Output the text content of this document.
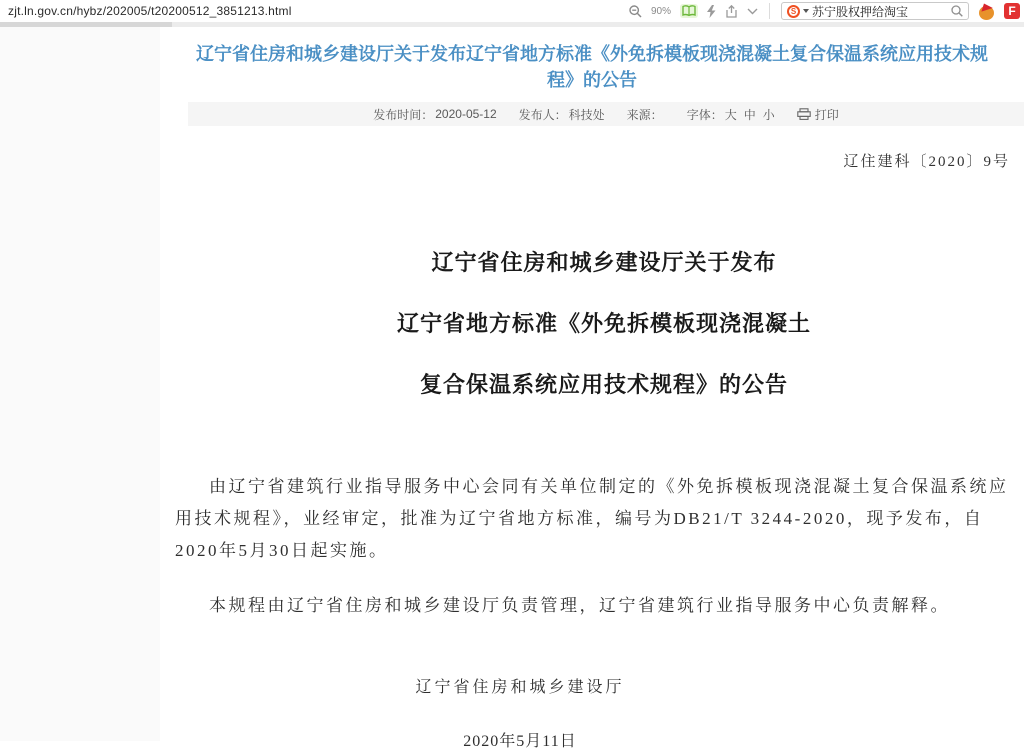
zjt.ln.gov.cn/hybz/202005/t20200512_3851213.html	90%	S	苏宁股权押给淘宝	F
辽宁省住房和城乡建设厅关于发布辽宁省地方标准《外免拆模板现浇混凝土复合保温系统应用技术规程》的公告
发布时间： 2020-05-12 发布人： 科技处 来源： 字体： 大 中 小	打印
辽住建科〔2020〕9号
辽宁省住房和城乡建设厅关于发布
辽宁省地方标准《外免拆模板现浇混凝土
复合保温系统应用技术规程》的公告

由辽宁省建筑行业指导服务中心会同有关单位制定的《外免拆模板现浇混凝土复合保温系统应用技术规程》，业经审定，批准为辽宁省地方标准，编号为DB21/T 3244-2020，现予发布，自2020年5月30日起实施。

本规程由辽宁省住房和城乡建设厅负责管理，辽宁省建筑行业指导服务中心负责解释。

辽宁省住房和城乡建设厅
2020年5月11日
